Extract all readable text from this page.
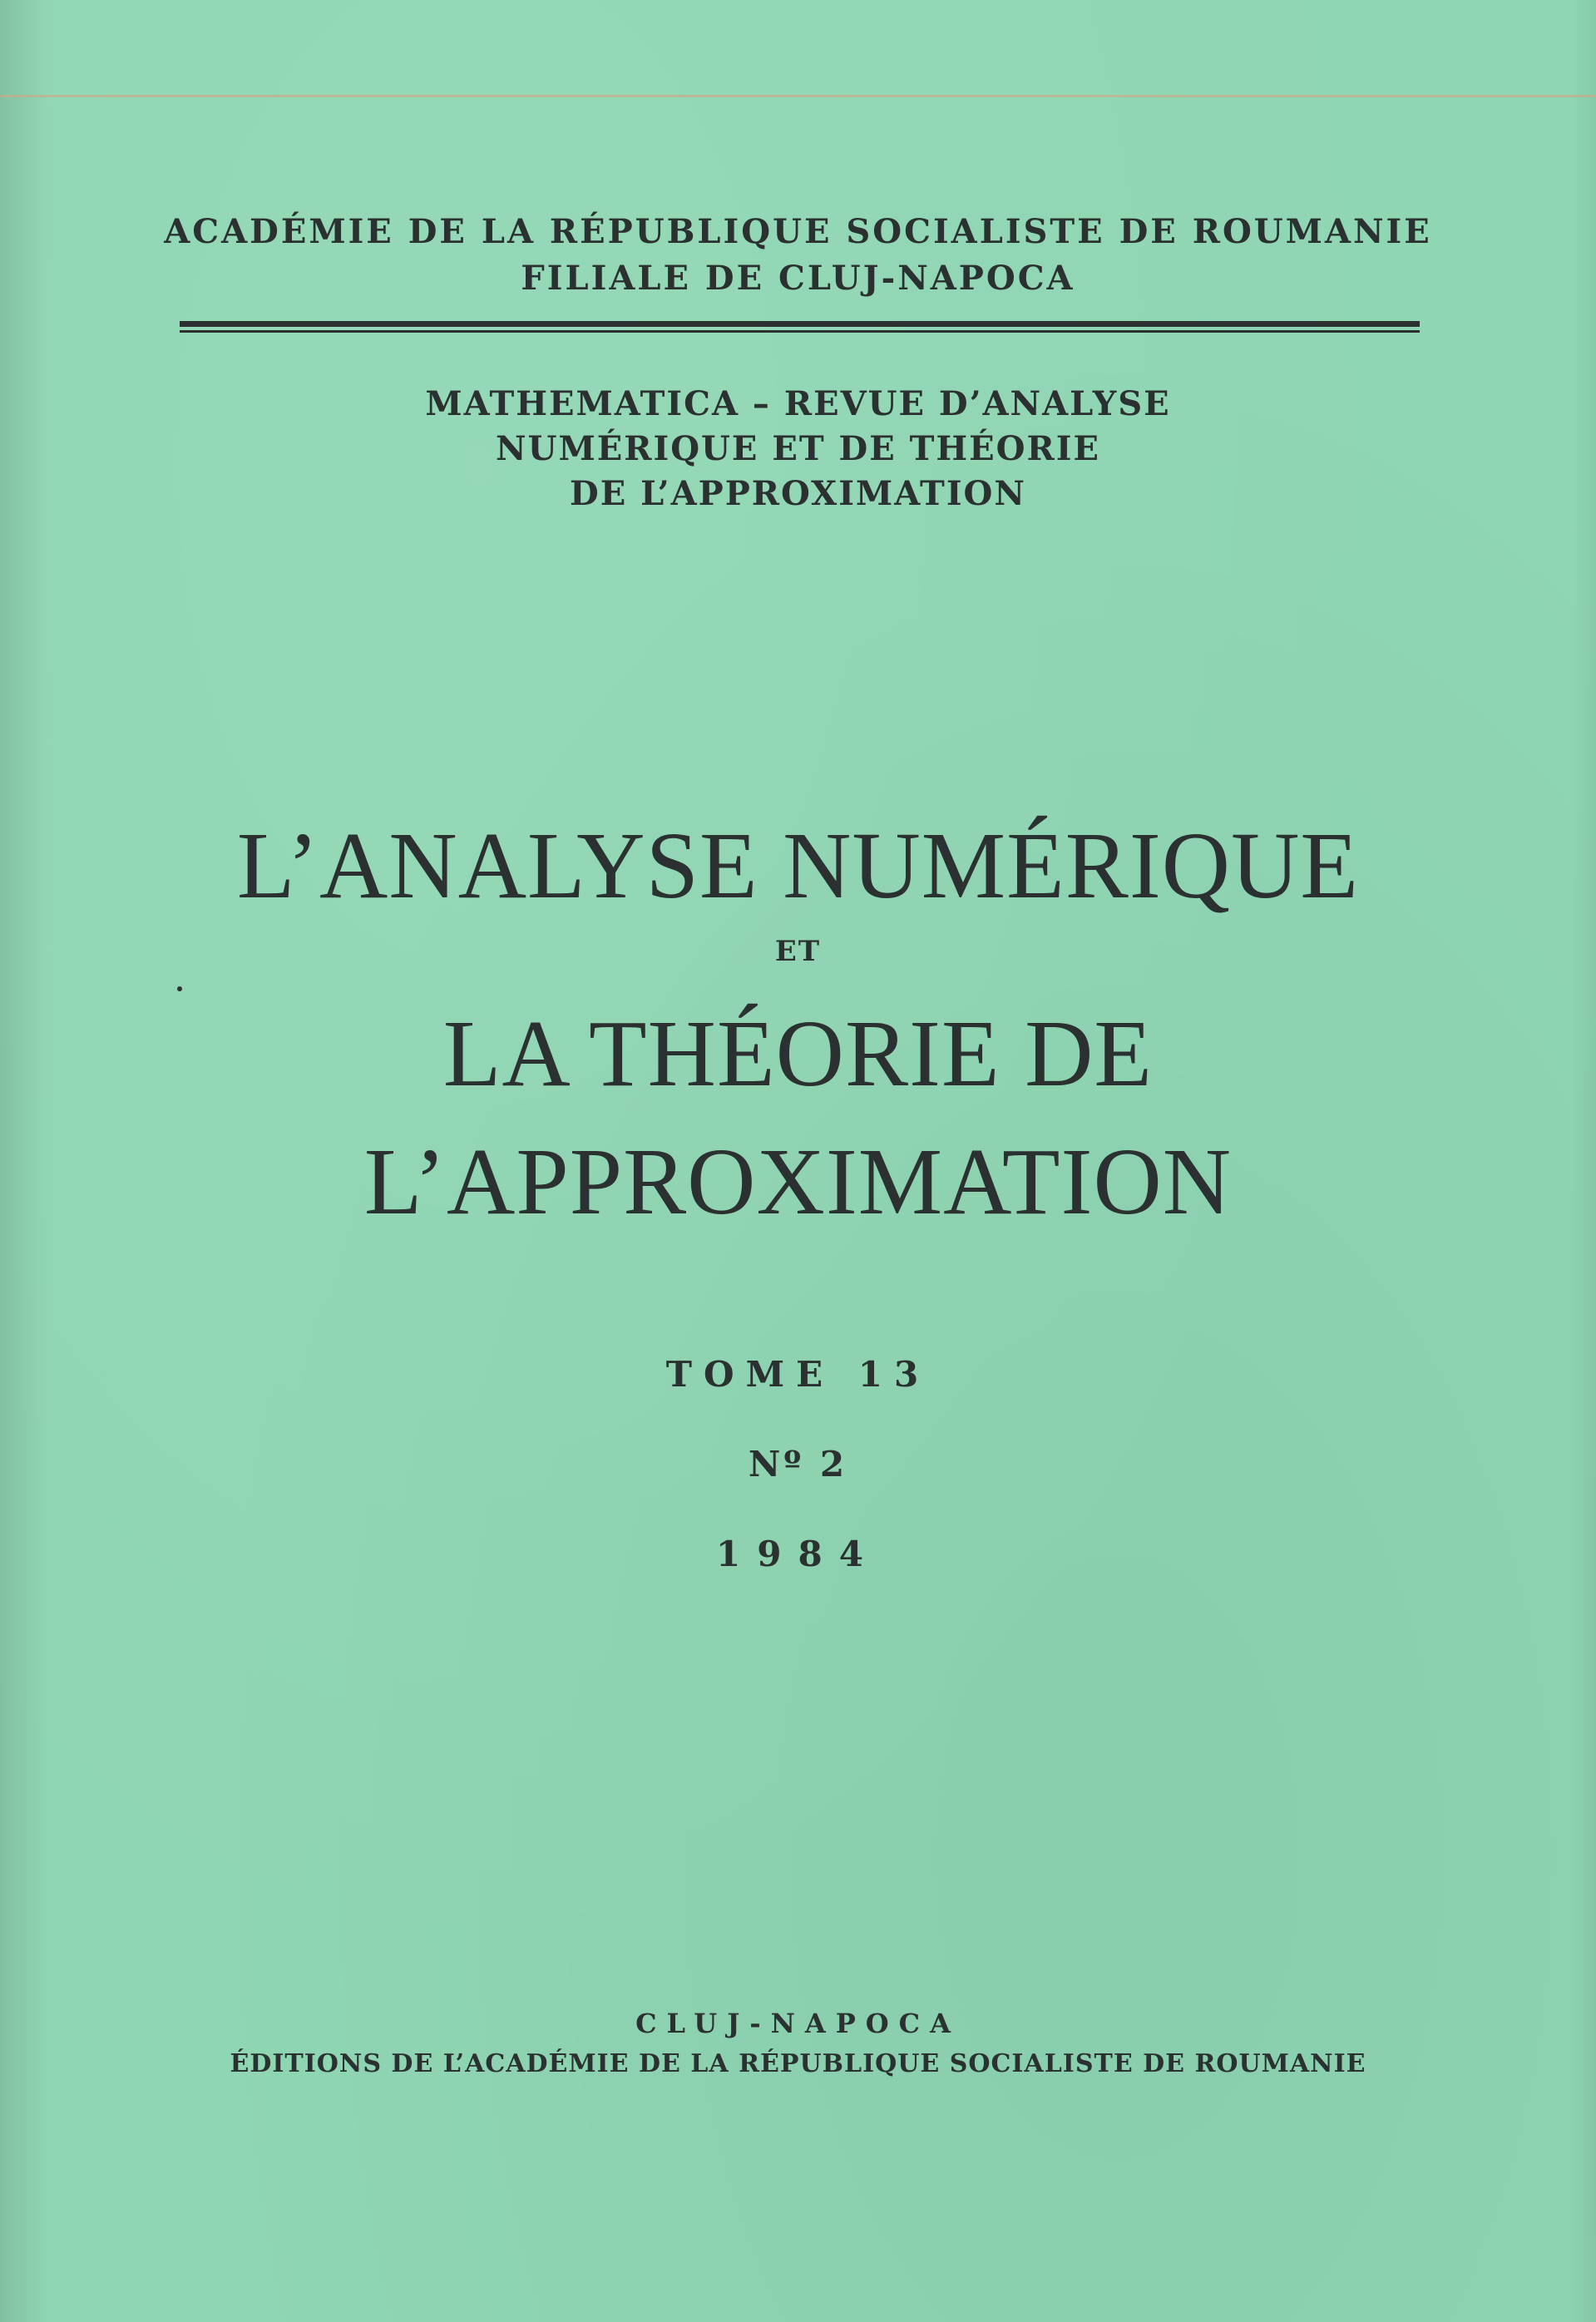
ACADÉMIE DE LA RÉPUBLIQUE SOCIALISTE DE ROUMANIE
FILIALE DE CLUJ-NAPOCA
MATHEMATICA – REVUE D’ANALYSE
NUMÉRIQUE ET DE THÉORIE
DE L’APPROXIMATION
L’ANALYSE NUMÉRIQUE
ET
LA THÉORIE DE
L’APPROXIMATION
TOME 13
Nº 2
1984
CLUJ-NAPOCA
ÉDITIONS DE L’ACADÉMIE DE LA RÉPUBLIQUE SOCIALISTE DE ROUMANIE
